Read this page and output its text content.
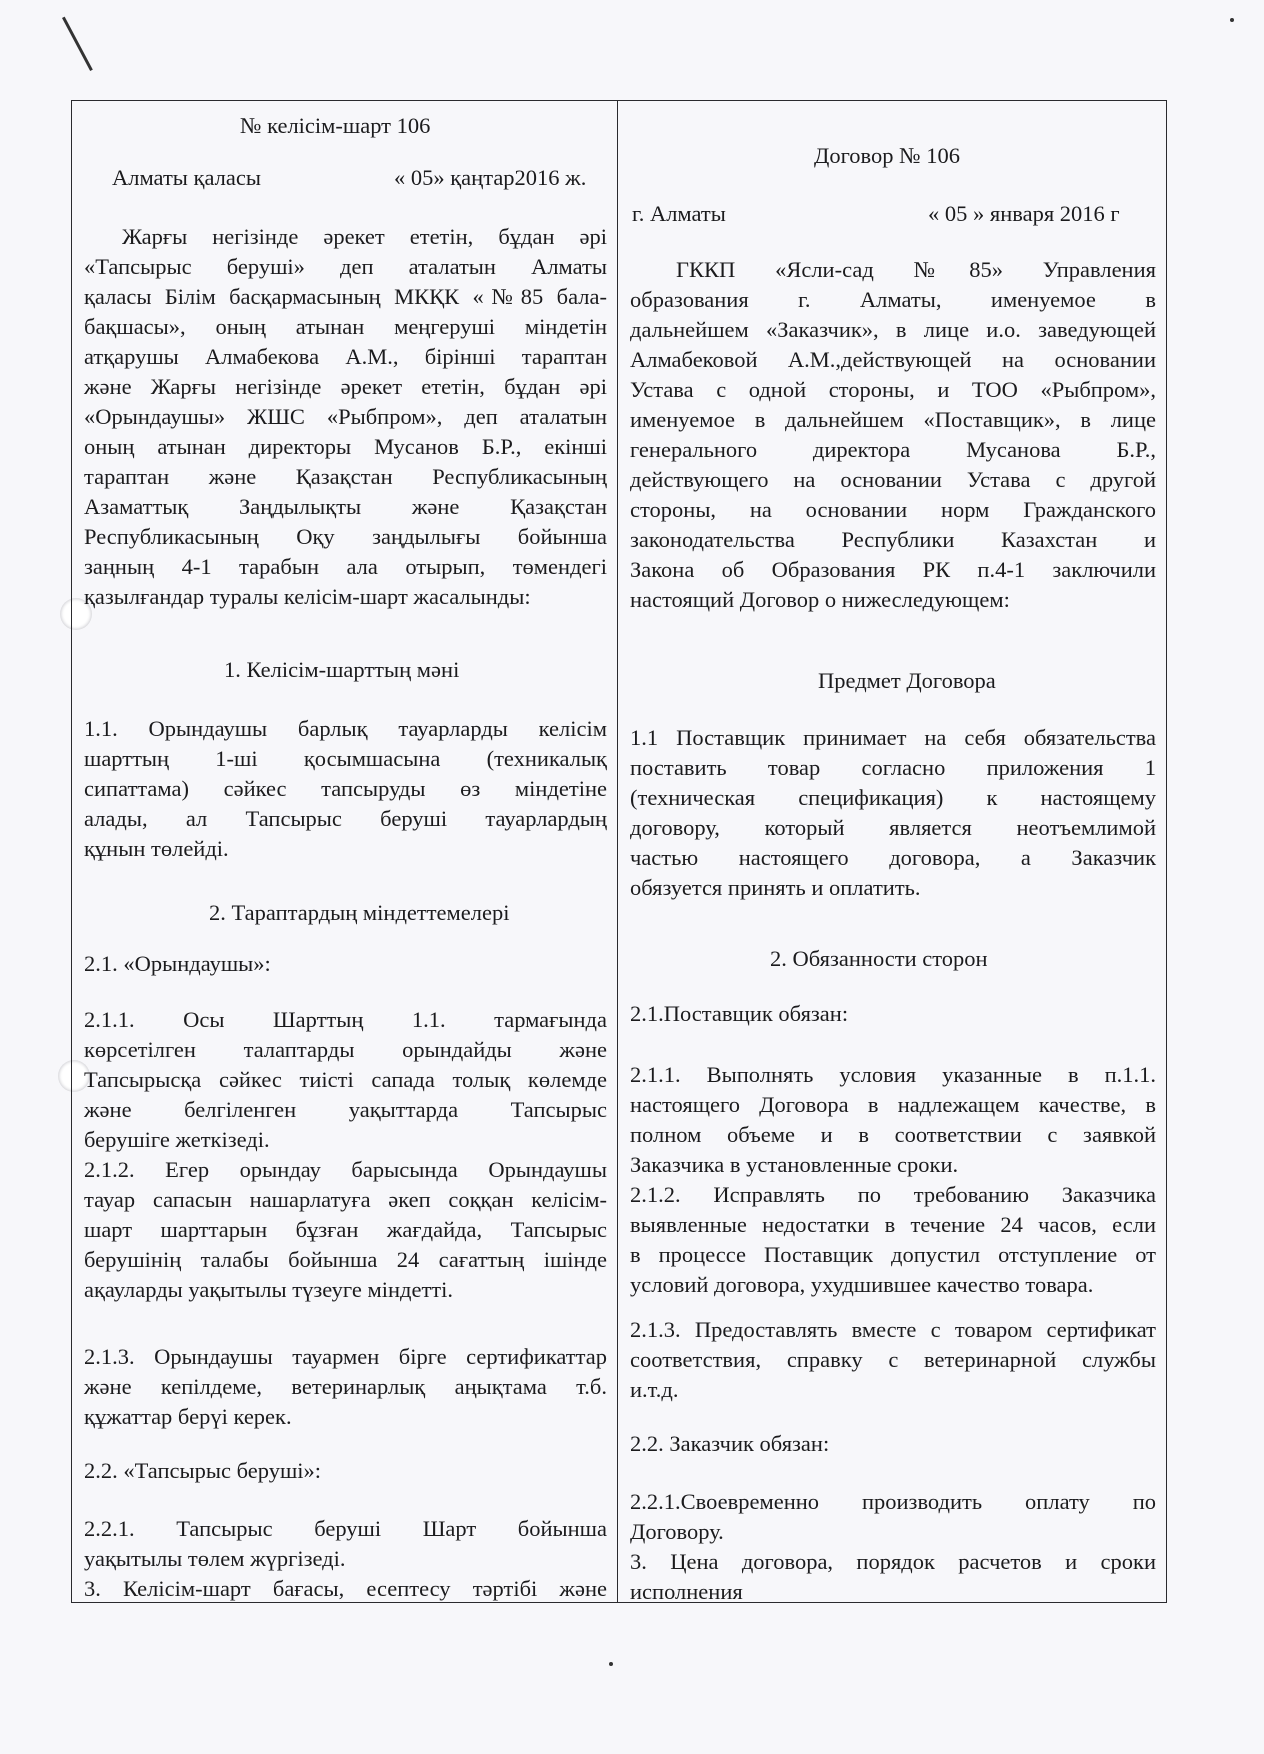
№ келісім-шарт 106
Алматы қаласы	« 05» қаңтар2016 ж.
Жарғы негізінде әрекет ететін, бұдан әрі
«Тапсырыс беруші» деп аталатын Алматы
қаласы Білім басқармасының МКҚК «№85 бала-
бақшасы», оның атынан меңгеруші міндетін
атқарушы Алмабекова А.М., бірінші тараптан
және Жарғы негізінде әрекет ететін, бұдан әрі
«Орындаушы» ЖШС «Рыбпром», деп аталатын
оның атынан директоры Мусанов Б.Р., екінші
тараптан және Қазақстан Республикасының
Азаматтық Заңдылықты және Қазақстан
Республикасының Оқу заңдылығы бойынша
заңның 4-1 тарабын ала отырып, төмендегі
қазылғандар туралы келісім-шарт жасалынды:
1. Келісім-шарттың мәні
1.1. Орындаушы барлық тауарларды келісім
шарттың 1-ші қосымшасына (техникалық
сипаттама) сәйкес тапсыруды өз міндетіне
алады, ал Тапсырыс беруші тауарлардың
құнын төлейді.
2. Тараптардың міндеттемелері
2.1. «Орындаушы»:
2.1.1. Осы Шарттың 1.1. тармағында
көрсетілген талаптарды орындайды және
Тапсырысқа сәйкес тиісті сапада толық көлемде
және белгіленген уақыттарда Тапсырыс
берушіге жеткізеді.
2.1.2. Егер орындау барысында Орындаушы
тауар сапасын нашарлатуға әкеп соққан келісім-
шарт шарттарын бұзған жағдайда, Тапсырыс
берушінің талабы бойынша 24 сағаттың ішінде
ақауларды уақытылы түзеуге міндетті.
2.1.3. Орындаушы тауармен бірге сертификаттар
және кепілдеме, ветеринарлық аңықтама т.б.
құжаттар берүі керек.
2.2. «Тапсырыс беруші»:
2.2.1. Тапсырыс беруші Шарт бойынша
уақытылы төлем жүргізеді.
3. Келісім-шарт бағасы, есептесу тәртібі және

Договор № 106
г. Алматы	« 05 » января 2016 г
ГККП «Ясли-сад №85» Управления
образования г. Алматы, именуемое в
дальнейшем «Заказчик», в лице и.о. заведующей
Алмабековой А.М.,действующей на основании
Устава с одной стороны, и ТОО «Рыбпром»,
именуемое в дальнейшем «Поставщик», в лице
генерального директора Мусанова Б.Р.,
действующего на основании Устава с другой
стороны, на основании норм Гражданского
законодательства Республики Казахстан и
Закона об Образования РК п.4-1 заключили
настоящий Договор о нижеследующем:
Предмет Договора
1.1 Поставщик принимает на себя обязательства
поставить товар согласно приложения 1
(техническая спецификация) к настоящему
договору, который является неотъемлимой
частью настоящего договора, а Заказчик
обязуется принять и оплатить.
2. Обязанности сторон
2.1.Поставщик обязан:
2.1.1. Выполнять условия указанные в п.1.1.
настоящего Договора в надлежащем качестве, в
полном объеме и в соответствии с заявкой
Заказчика в установленные сроки.
2.1.2. Исправлять по требованию Заказчика
выявленные недостатки в течение 24 часов, если
в процессе Поставщик допустил отступление от
условий договора, ухудшившее качество товара.
2.1.3. Предоставлять вместе с товаром сертификат
соответствия, справку с ветеринарной службы
и.т.д.
2.2. Заказчик обязан:
2.2.1.Своевременно производить оплату по
Договору.
3. Цена договора, порядок расчетов и сроки
исполнения
